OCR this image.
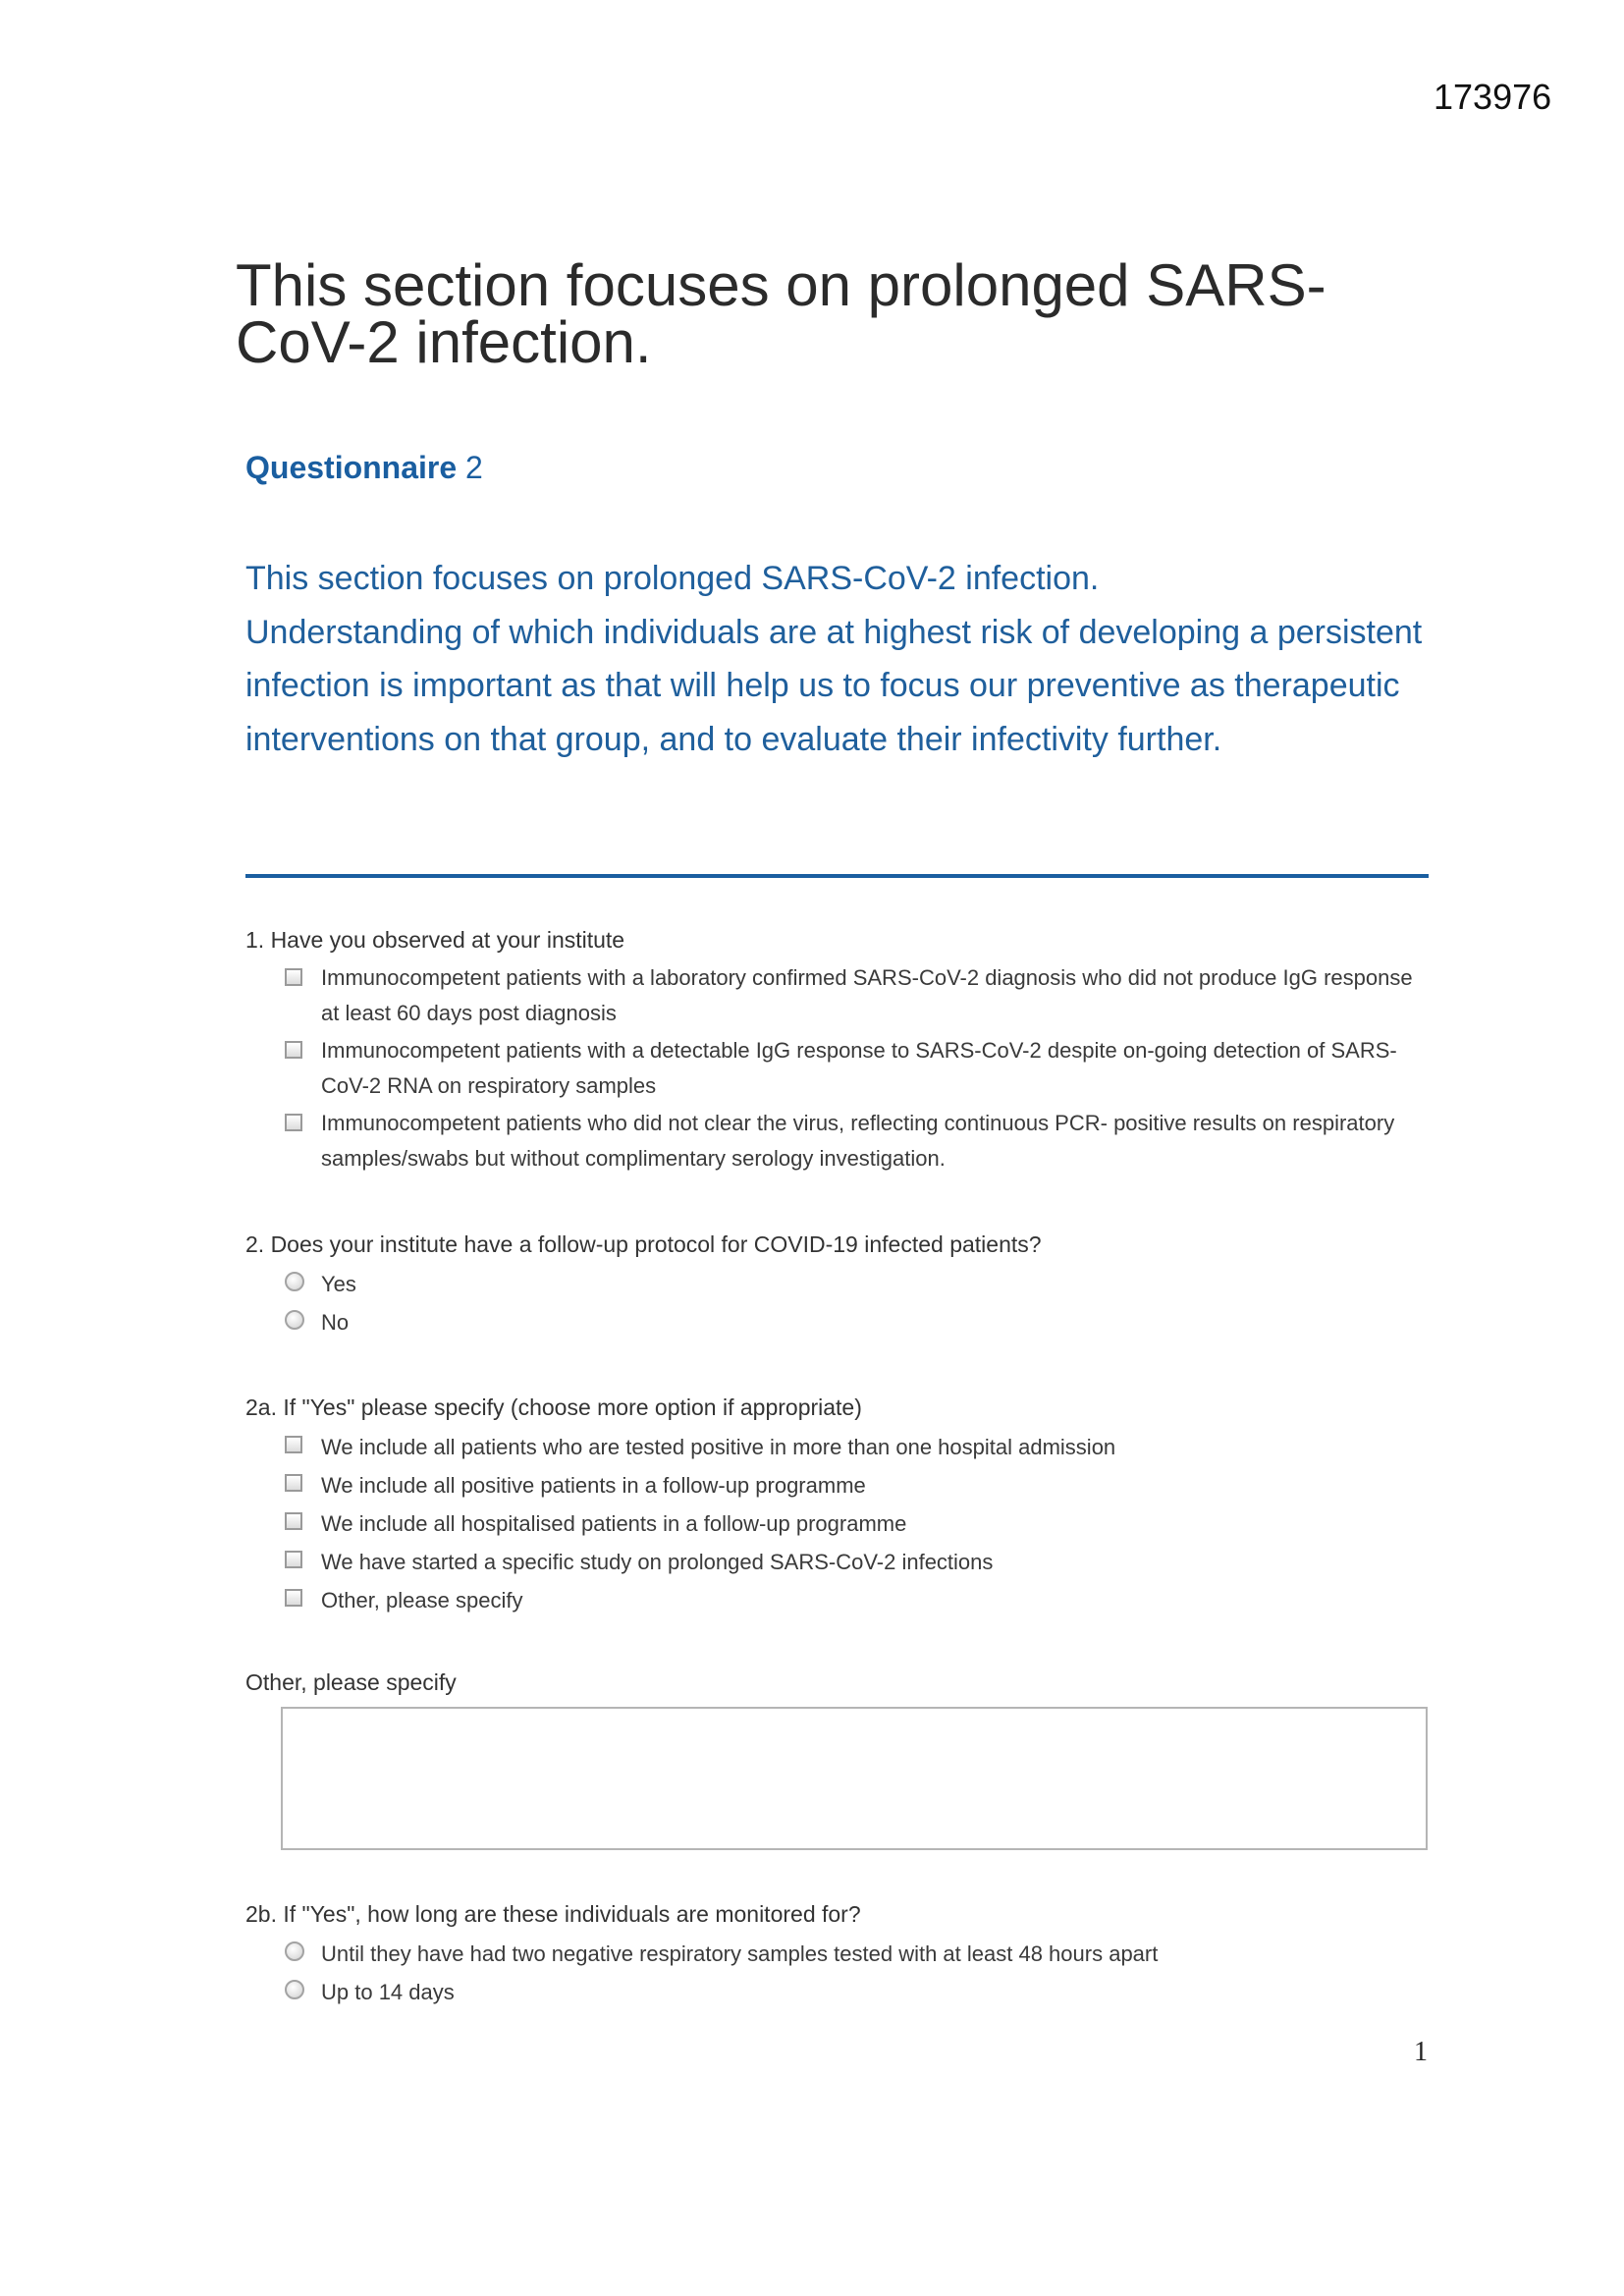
173976
This section focuses on prolonged SARS-CoV-2 infection.
Questionnaire 2

This section focuses on prolonged SARS-CoV-2 infection.

Understanding of which individuals are at highest risk of developing a persistent infection is important as that will help us to focus our preventive as therapeutic interventions on that group, and to evaluate their infectivity further.

1. Have you observed at your institute

Immunocompetent patients with a laboratory confirmed SARS-CoV-2 diagnosis who did not produce IgG response at least 60 days post diagnosis
Immunocompetent patients with a detectable IgG response to SARS-CoV-2 despite on-going detection of SARS-CoV-2 RNA on respiratory samples
Immunocompetent patients who did not clear the virus, reflecting continuous PCR- positive results on respiratory samples/swabs but without complimentary serology investigation.

2. Does your institute have a follow-up protocol for COVID-19 infected patients?

Yes
No

2a. If "Yes" please specify (choose more option if appropriate)

We include all patients who are tested positive in more than one hospital admission
We include all positive patients in a follow-up programme
We include all hospitalised patients in a follow-up programme
We have started a specific study on prolonged SARS-CoV-2 infections
Other, please specify
Other, please specify

2b. If "Yes", how long are these individuals are monitored for?

Until they have had two negative respiratory samples tested with at least 48 hours apart
Up to 14 days
1
